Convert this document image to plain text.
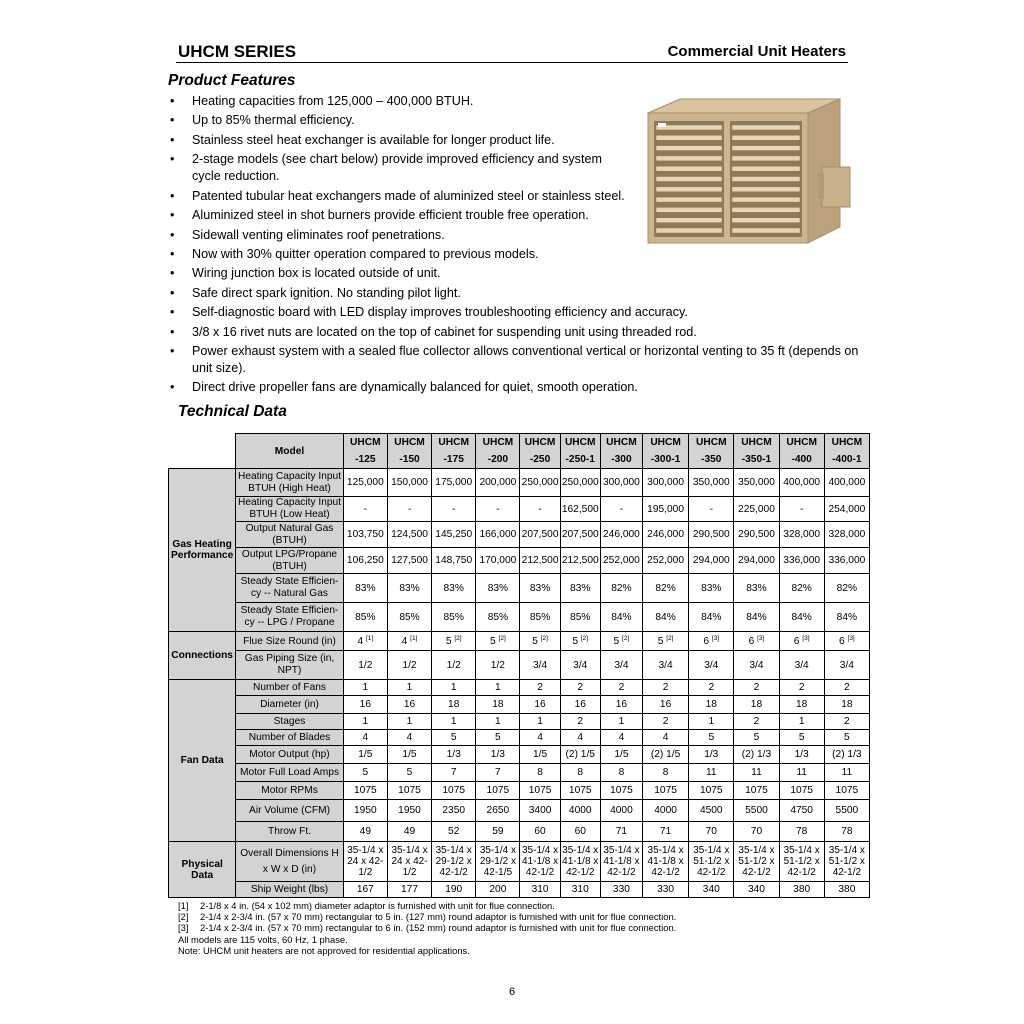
UHCM SERIES	Commercial Unit Heaters
Product Features
• Heating capacities from 125,000 – 400,000 BTUH.
• Up to 85% thermal efficiency.
• Stainless steel heat exchanger is available for longer product life.
• 2-stage models (see chart below) provide improved efficiency and system cycle reduction.
• Patented tubular heat exchangers made of aluminized steel or stainless steel.
• Aluminized steel in shot burners provide efficient trouble free operation.
• Sidewall venting eliminates roof penetrations.
• Now with 30% quitter operation compared to previous models.
• Wiring junction box is located outside of unit.
• Safe direct spark ignition. No standing pilot light.
• Self-diagnostic board with LED display improves troubleshooting efficiency and accuracy.
• 3/8 x 16 rivet nuts are located on the top of cabinet for suspending unit using threaded rod.
• Power exhaust system with a sealed flue collector allows conventional vertical or horizontal venting to 35 ft (depends on unit size).
• Direct drive propeller fans are dynamically balanced for quiet, smooth operation.
Technical Data
	Model	UHCM	UHCM	UHCM	UHCM	UHCM	UHCM	UHCM	UHCM	UHCM	UHCM	UHCM	UHCM
		-125	-150	-175	-200	-250	-250-1	-300	-300-1	-350	-350-1	-400	-400-1
Gas Heating Performance	Heating Capacity Input BTUH (High Heat)	125,000	150,000	175,000	200,000	250,000	250,000	300,000	300,000	350,000	350,000	400,000	400,000
	Heating Capacity Input BTUH (Low Heat)	-	-	-	-	-	162,500	-	195,000	-	225,000	-	254,000
	Output Natural Gas (BTUH)	103,750	124,500	145,250	166,000	207,500	207,500	246,000	246,000	290,500	290,500	328,000	328,000
	Output LPG/Propane (BTUH)	106,250	127,500	148,750	170,000	212,500	212,500	252,000	252,000	294,000	294,000	336,000	336,000
	Steady State Efficien-cy -- Natural Gas	83%	83%	83%	83%	83%	83%	82%	82%	83%	83%	82%	82%
	Steady State Efficien-cy -- LPG / Propane	85%	85%	85%	85%	85%	85%	84%	84%	84%	84%	84%	84%
Connections	Flue Size Round (in)	4 [1]	4 [1]	5 [2]	5 [2]	5 [2]	5 [2]	5 [2]	5 [2]	6 [3]	6 [3]	6 [3]	6 [3]
	Gas Piping Size (in, NPT)	1/2	1/2	1/2	1/2	3/4	3/4	3/4	3/4	3/4	3/4	3/4	3/4
Fan Data	Number of Fans	1	1	1	1	2	2	2	2	2	2	2	2
	Diameter (in)	16	16	18	18	16	16	16	16	18	18	18	18
	Stages	1	1	1	1	1	2	1	2	1	2	1	2
	Number of Blades	4	4	5	5	4	4	4	4	5	5	5	5
	Motor Output (hp)	1/5	1/5	1/3	1/3	1/5	(2) 1/5	1/5	(2) 1/5	1/3	(2) 1/3	1/3	(2) 1/3
	Motor Full Load Amps	5	5	7	7	8	8	8	8	11	11	11	11
	Motor RPMs	1075	1075	1075	1075	1075	1075	1075	1075	1075	1075	1075	1075
	Air Volume (CFM)	1950	1950	2350	2650	3400	4000	4000	4000	4500	5500	4750	5500
	Throw Ft.	49	49	52	59	60	60	71	71	70	70	78	78
Physical Data	Overall Dimensions H x W x D (in)	35-1/4 x 24 x 42-1/2	35-1/4 x 24 x 42-1/2	35-1/4 x 29-1/2 x 42-1/2	35-1/4 x 29-1/2 x 42-1/5	35-1/4 x 41-1/8 x 42-1/2	35-1/4 x 41-1/8 x 42-1/2	35-1/4 x 41-1/8 x 42-1/2	35-1/4 x 41-1/8 x 42-1/2	35-1/4 x 51-1/2 x 42-1/2	35-1/4 x 51-1/2 x 42-1/2	35-1/4 x 51-1/2 x 42-1/2	35-1/4 x 51-1/2 x 42-1/2
	Ship Weight (lbs)	167	177	190	200	310	310	330	330	340	340	380	380
[1] 2-1/8 x 4 in. (54 x 102 mm) diameter adaptor is furnished with unit for flue connection.
[2] 2-1/4 x 2-3/4 in. (57 x 70 mm) rectangular to 5 in. (127 mm) round adaptor is furnished with unit for flue connection.
[3] 2-1/4 x 2-3/4 in. (57 x 70 mm) rectangular to 6 in. (152 mm) round adaptor is furnished with unit for flue connection.
All models are 115 volts, 60 Hz, 1 phase.
Note: UHCM unit heaters are not approved for residential applications.
6
